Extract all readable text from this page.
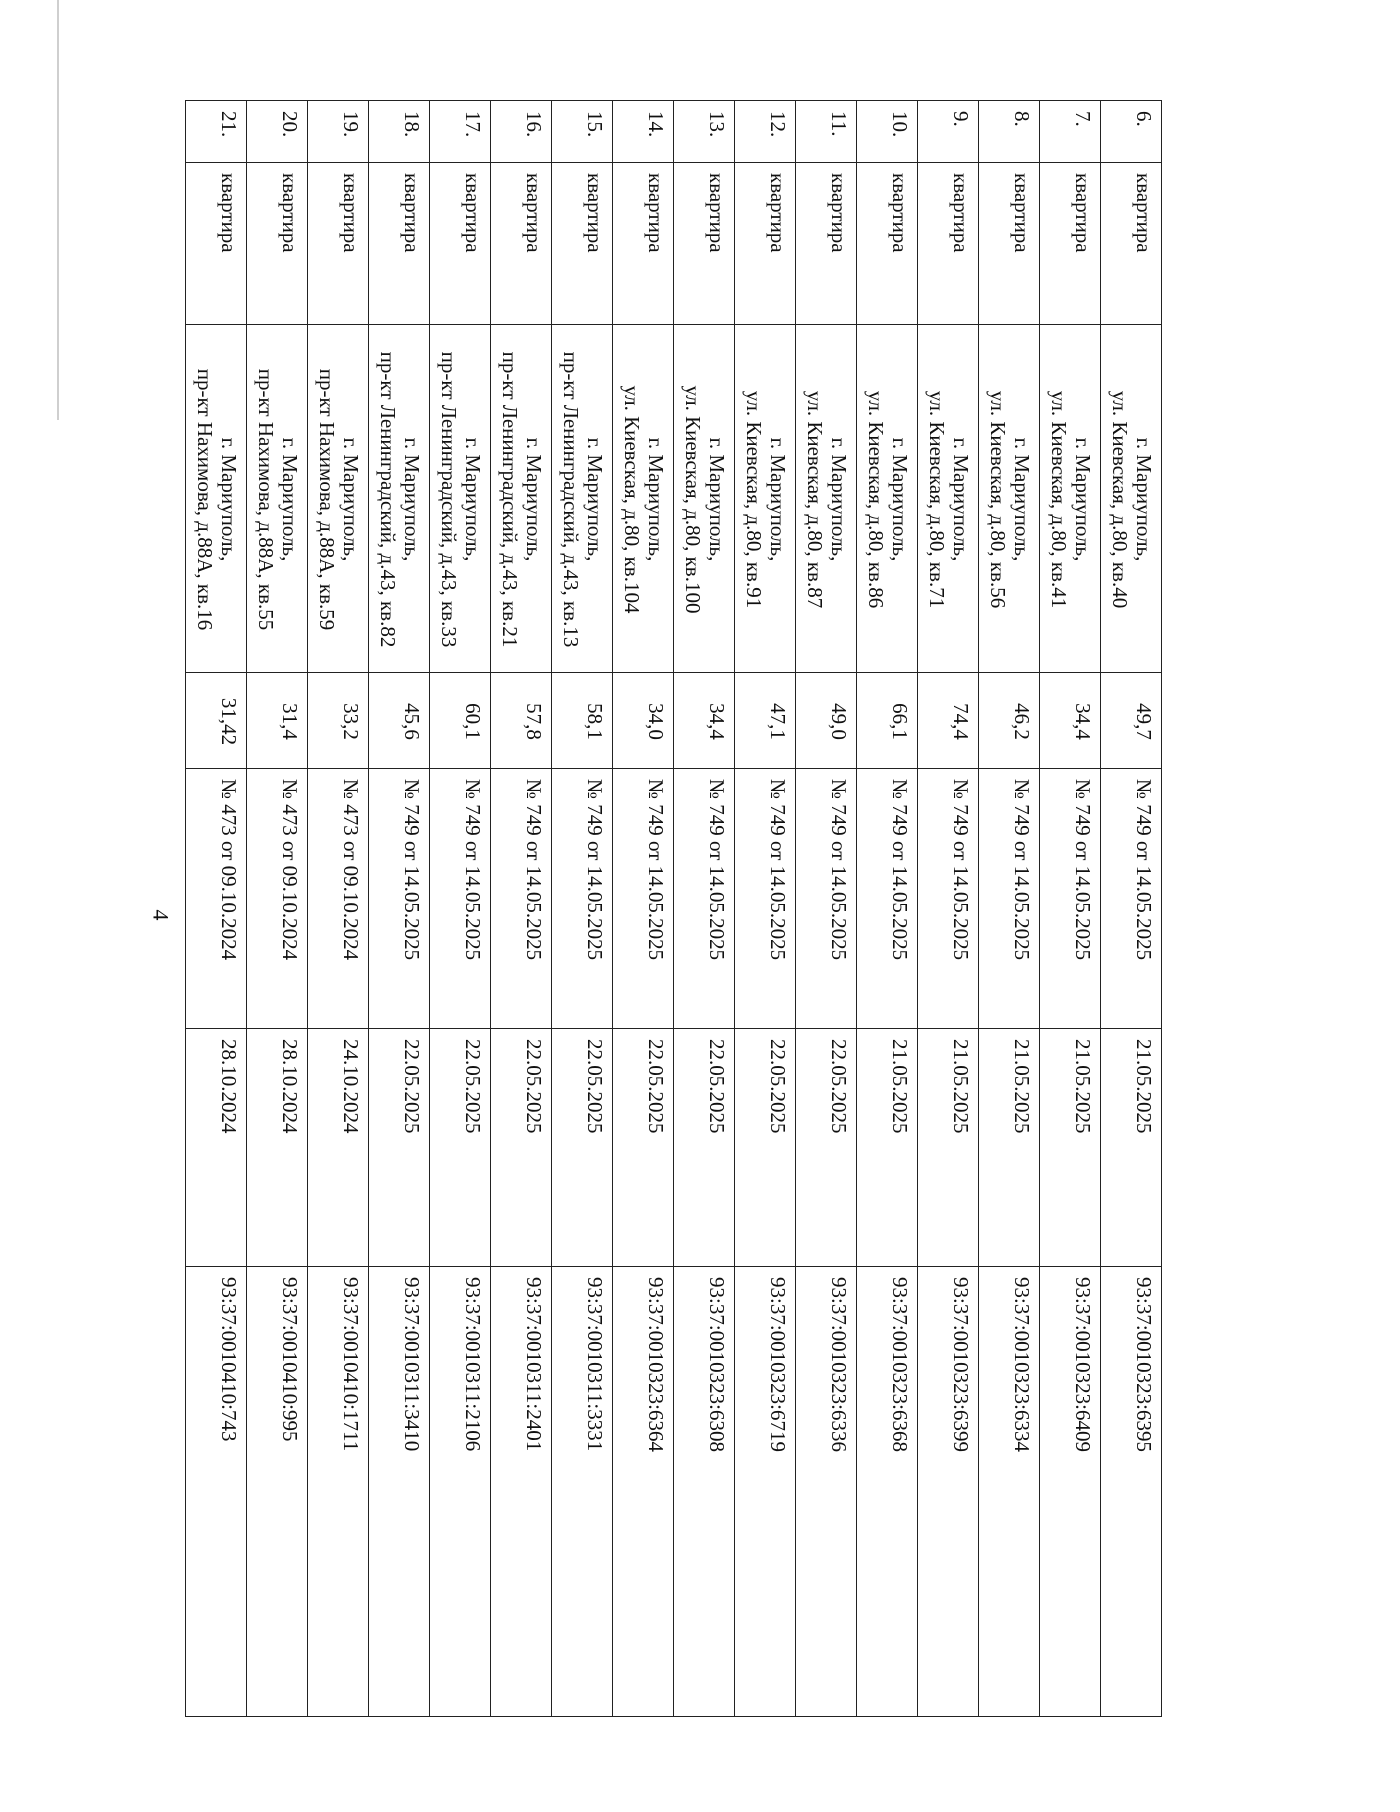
4
6.	квартира	г. Мариуполь,
ул. Киевская, д.80, кв.40	49,7	№ 749 от 14.05.2025	21.05.2025	93:37:0010323:6395
7.	квартира	г. Мариуполь,
ул. Киевская, д.80, кв.41	34,4	№ 749 от 14.05.2025	21.05.2025	93:37:0010323:6409
8.	квартира	г. Мариуполь,
ул. Киевская, д.80, кв.56	46,2	№ 749 от 14.05.2025	21.05.2025	93:37:0010323:6334
9.	квартира	г. Мариуполь,
ул. Киевская, д.80, кв.71	74,4	№ 749 от 14.05.2025	21.05.2025	93:37:0010323:6399
10.	квартира	г. Мариуполь,
ул. Киевская, д.80, кв.86	66,1	№ 749 от 14.05.2025	21.05.2025	93:37:0010323:6368
11.	квартира	г. Мариуполь,
ул. Киевская, д.80, кв.87	49,0	№ 749 от 14.05.2025	22.05.2025	93:37:0010323:6336
12.	квартира	г. Мариуполь,
ул. Киевская, д.80, кв.91	47,1	№ 749 от 14.05.2025	22.05.2025	93:37:0010323:6719
13.	квартира	г. Мариуполь,
ул. Киевская, д.80, кв.100	34,4	№ 749 от 14.05.2025	22.05.2025	93:37:0010323:6308
14.	квартира	г. Мариуполь,
ул. Киевская, д.80, кв.104	34,0	№ 749 от 14.05.2025	22.05.2025	93:37:0010323:6364
15.	квартира	г. Мариуполь,
пр-кт Ленинградский, д.43, кв.13	58,1	№ 749 от 14.05.2025	22.05.2025	93:37:0010311:3331
16.	квартира	г. Мариуполь,
пр-кт Ленинградский, д.43, кв.21	57,8	№ 749 от 14.05.2025	22.05.2025	93:37:0010311:2401
17.	квартира	г. Мариуполь,
пр-кт Ленинградский, д.43, кв.33	60,1	№ 749 от 14.05.2025	22.05.2025	93:37:0010311:2106
18.	квартира	г. Мариуполь,
пр-кт Ленинградский, д.43, кв.82	45,6	№ 749 от 14.05.2025	22.05.2025	93:37:0010311:3410
19.	квартира	г. Мариуполь,
пр-кт Нахимова, д.88А, кв.59	33,2	№ 473 от 09.10.2024	24.10.2024	93:37:0010410:1711
20.	квартира	г. Мариуполь,
пр-кт Нахимова, д.88А, кв.55	31,4	№ 473 от 09.10.2024	28.10.2024	93:37:0010410:995
21.	квартира	г. Мариуполь,
пр-кт Нахимова, д.88А, кв.16	31,42	№ 473 от 09.10.2024	28.10.2024	93:37:0010410:743
